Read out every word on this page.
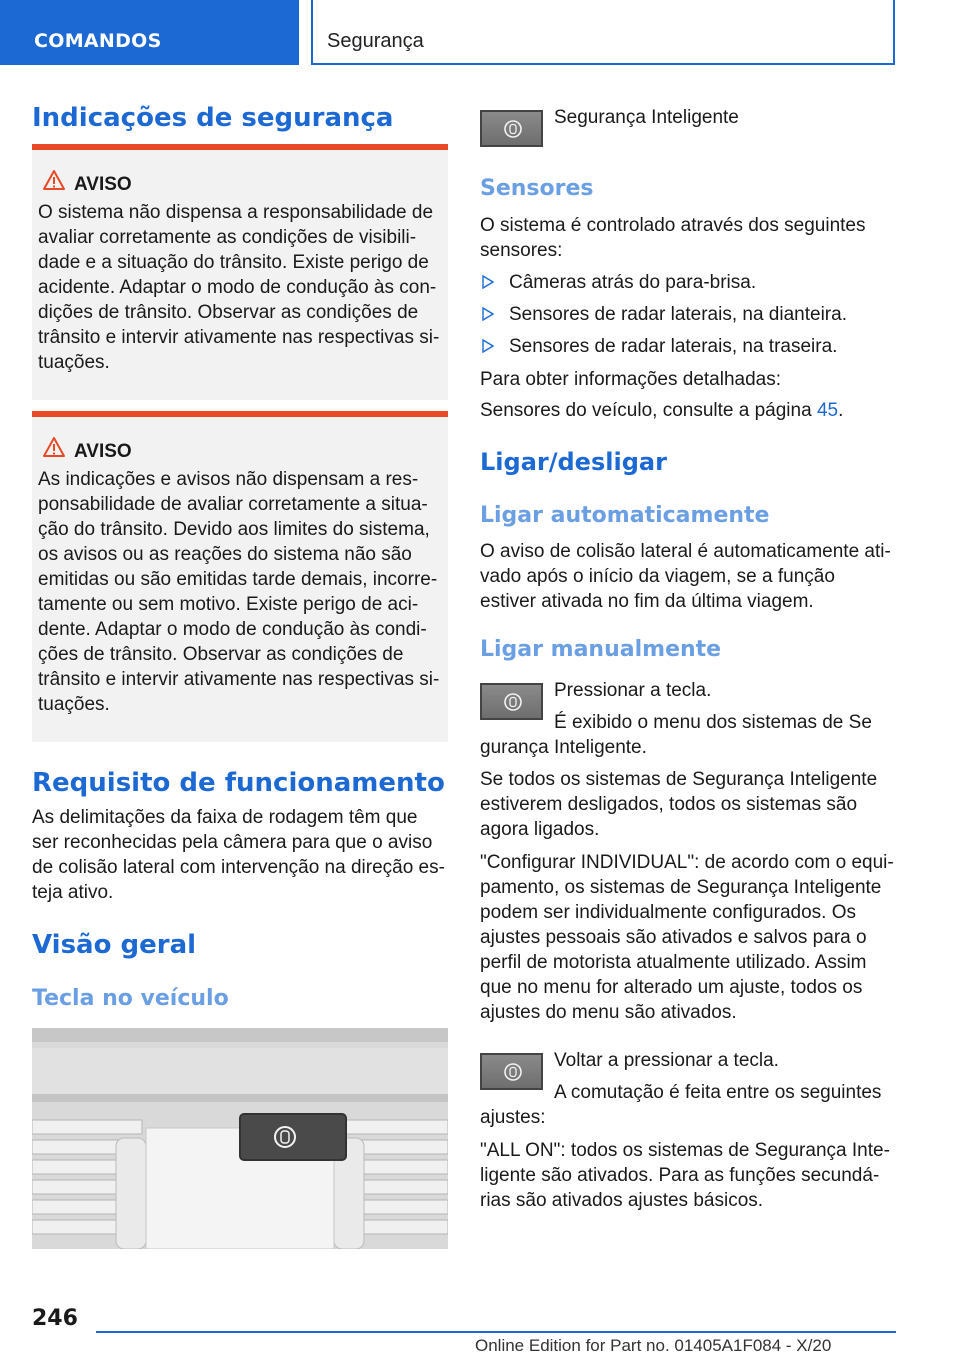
COMANDOS	Segurança
Indicações de segurança
AVISO
O sistema não dispensa a responsabilidade de avaliar corretamente as condições de visibilidade e a situação do trânsito. Existe perigo de acidente. Adaptar o modo de condução às condições de trânsito. Observar as condições de trânsito e intervir ativamente nas respectivas situações.
AVISO
As indicações e avisos não dispensam a responsabilidade de avaliar corretamente a situação do trânsito. Devido aos limites do sistema, os avisos ou as reações do sistema não são emitidas ou são emitidas tarde demais, incorretamente ou sem motivo. Existe perigo de acidente. Adaptar o modo de condução às condições de trânsito. Observar as condições de trânsito e intervir ativamente nas respectivas situações.
Requisito de funcionamento
As delimitações da faixa de rodagem têm que ser reconhecidas pela câmera para que o aviso de colisão lateral com intervenção na direção esteja ativo.
Visão geral
Tecla no veículo
Segurança Inteligente
Sensores
O sistema é controlado através dos seguintes sensores:
Câmeras atrás do para-brisa.
Sensores de radar laterais, na dianteira.
Sensores de radar laterais, na traseira.
Para obter informações detalhadas:
Sensores do veículo, consulte a página 45.
Ligar/desligar
Ligar automaticamente
O aviso de colisão lateral é automaticamente ativado após o início da viagem, se a função estiver ativada no fim da última viagem.
Ligar manualmente
Pressionar a tecla.
É exibido o menu dos sistemas de Se
gurança Inteligente.
Se todos os sistemas de Segurança Inteligente estiverem desligados, todos os sistemas são agora ligados.
"Configurar INDIVIDUAL": de acordo com o equipamento, os sistemas de Segurança Inteligente podem ser individualmente configurados. Os ajustes pessoais são ativados e salvos para o perfil de motorista atualmente utilizado. Assim que no menu for alterado um ajuste, todos os ajustes do menu são ativados.
Voltar a pressionar a tecla.
A comutação é feita entre os seguintes
ajustes:
"ALL ON": todos os sistemas de Segurança Inteligente são ativados. Para as funções secundárias são ativados ajustes básicos.
246
Online Edition for Part no. 01405A1F084 - X/20
